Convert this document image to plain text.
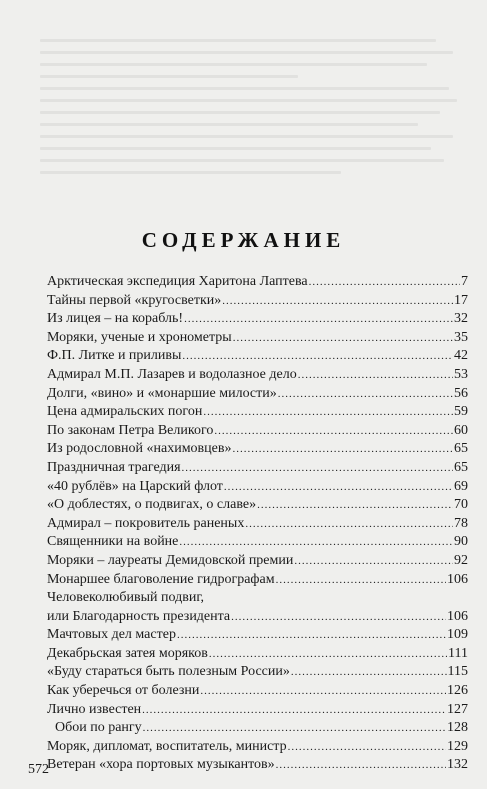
СОДЕРЖАНИЕ
Арктическая экспедиция Харитона Лаптева .....	7
Тайны первой «кругосветки» .....	17
Из лицея – на корабль! .....	32
Моряки, ученые и хронометры .....	35
Ф.П. Литке и приливы .....	42
Адмирал М.П. Лазарев и водолазное дело .....	53
Долги, «вино» и «монаршие милости» .....	56
Цена адмиральских погон .....	59
По законам Петра Великого .....	60
Из родословной «нахимовцев» .....	65
Праздничная трагедия .....	65
«40 рублёв» на Царский флот .....	69
«О доблестях, о подвигах, о славе» .....	70
Адмирал – покровитель раненых .....	78
Священники на войне .....	90
Моряки – лауреаты Демидовской премии .....	92
Монаршее благоволение гидрографам .....	106
Человеколюбивый подвиг,
или Благодарность президента .....	106
Мачтовых дел мастер .....	109
Декабрьская затея моряков .....	111
«Буду стараться быть полезным России» .....	115
Как уберечься от болезни .....	126
Лично известен .....	127
Обои по рангу .....	128
Моряк, дипломат, воспитатель, министр .....	129
Ветеран «хора портовых музыкантов» .....	132
572
